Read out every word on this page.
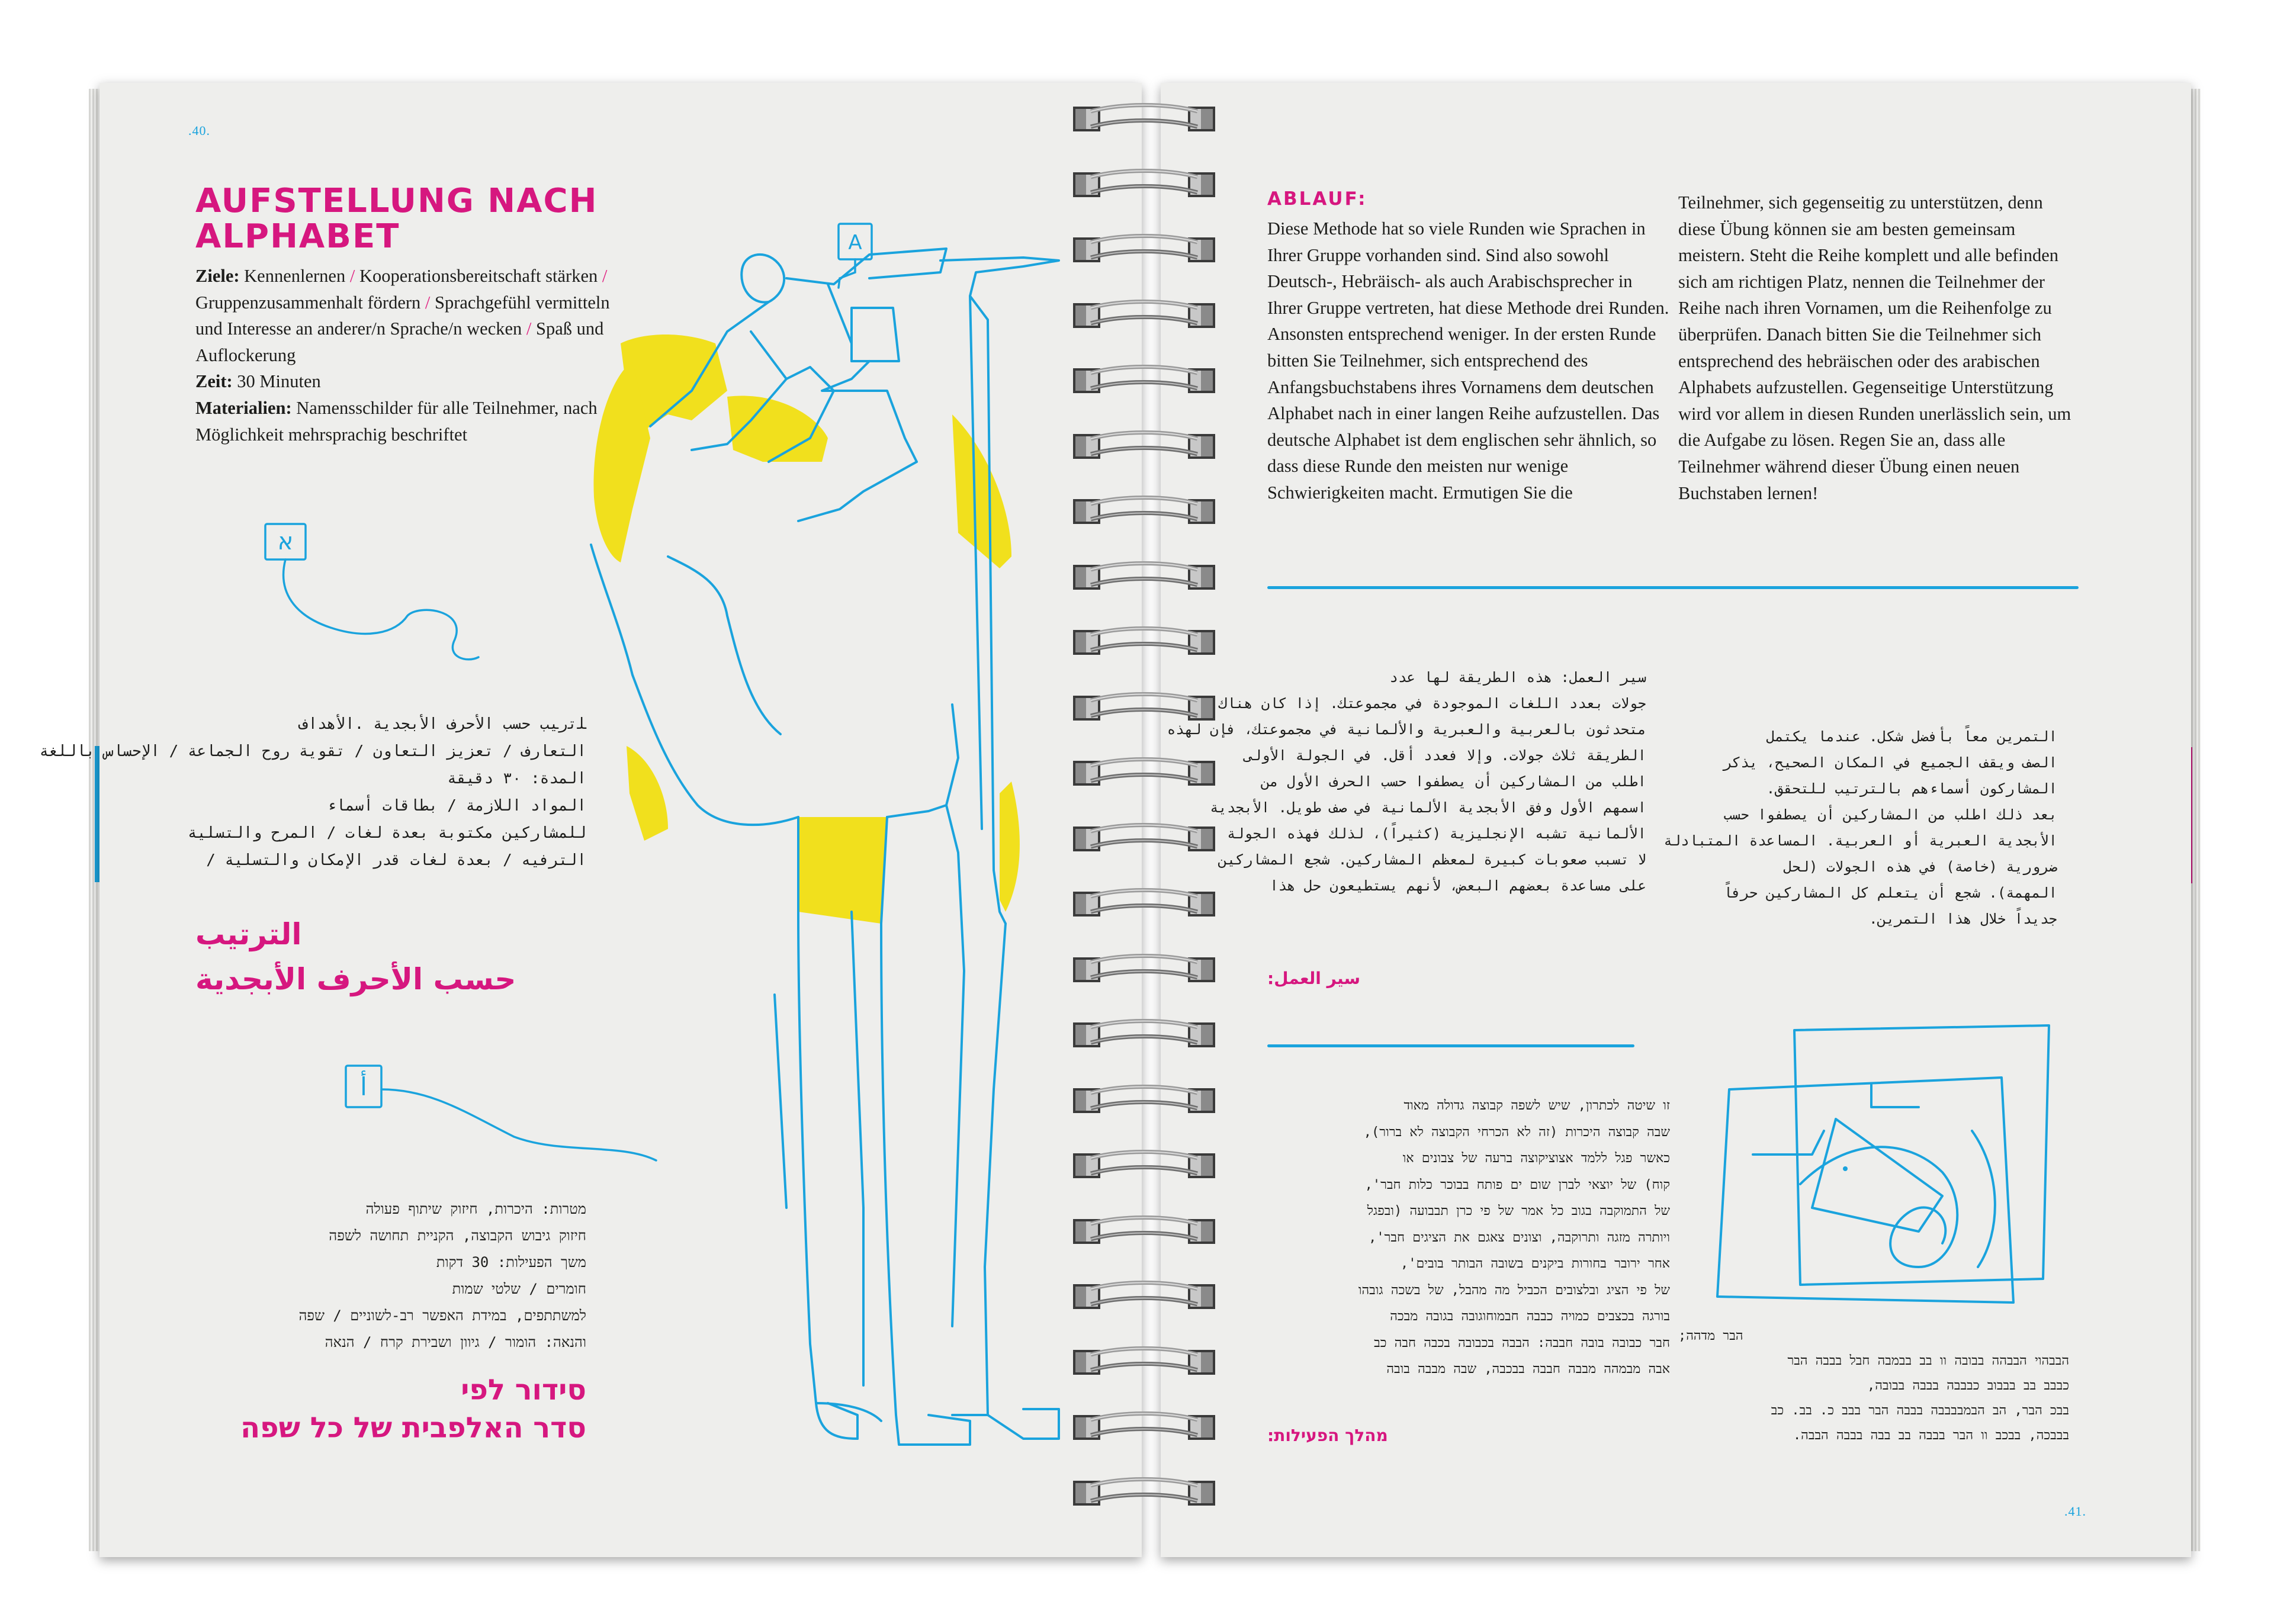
A
א
أ
.40.
AUFSTELLUNG NACH
ALPHABET
Ziele: Kennenlernen / Kooperationsbereitschaft stärken / Gruppenzusammenhalt fördern / Sprachgefühl vermitteln und Interesse an anderer/n Sprache/n wecken / Spaß und Auflockerung
Zeit: 30 Minuten
Materialien: Namensschilder für alle Teilnehmer, nach Möglichkeit mehrsprachig beschriftet
ﻠﺗﺭﻴﺐ ﺣﺴﺐ ﺍﻷﺣﺮﻑ ﺍﻷﺑﺠﺪﻳﺔ .ﺍﻷﻫﺪﺍﻑ
ﺍﻟﺘﻌﺎﺭﻑ / ﺗﻌﺰﻳﺰ ﺍﻟﺘﻌﺎﻭﻥ / ﺗﻘﻮﻳﺔ ﺭﻭﺡ ﺍﻟﺠﻤﺎﻋﺔ / ﺍﻹﺣﺴﺎﺱ ﺑﺎﻟﻠﻐﺔ
ﺍﻟﻤﺪﺓ: ٣٠ ﺩﻗﻴﻘﺔ
ﺍﻟﻤﻮﺍﺩ ﺍﻟﻼﺯﻣﺔ / ﺑﻄﺎﻗﺎﺕ ﺃﺳﻤﺎﺀ
ﻟﻠﻤﺸﺎﺭﻛﻴﻦ ﻣﻜﺘﻮﺑﺔ ﺑﻌﺪﺓ ﻟﻐﺎﺕ / ﺍﻟﻤﺮﺡ ﻭﺍﻟﺘﺴﻠﻴﺔ
ﺍﻟﺘﺮﻓﻴﻪ / ﺑﻌﺪﺓ ﻟﻐﺎﺕ ﻗﺪﺭ ﺍﻹﻣﻜﺎﻥ ﻭﺍﻟﺘﺴﻠﻴﺔ /
ﺍﻟﺘﺮﺗﻴﺐ
ﺣﺴﺐ ﺍﻷﺣﺮﻑ ﺍﻷﺑﺠﺪﻳﺔ
מטרות: היכרות, חיזוק שיתוף פעולה
חיזוק גיבוש הקבוצה, הקניית תחושה לשפה
משך הפעילות: 30 דקות
חומרים / שלטי שמות
למשתתפים, במידת האפשר רב-לשוניים / שפה
והנאה: הומור / גיוון ושבירת קרח / הנאה
סידור לפי
סדר האלפבית של כל שפה
ABLAUF:

Diese Methode hat so viele Runden wie Sprachen in Ihrer Gruppe vorhanden sind. Sind also sowohl Deutsch-, Hebräisch- als auch Arabischsprecher in Ihrer Gruppe vertreten, hat diese Methode drei Runden. Ansonsten entsprechend weniger. In der ersten Runde bitten Sie Teilnehmer, sich entsprechend des Anfangsbuchstabens ihres Vornamens dem deutschen Alphabet nach in einer langen Reihe aufzustellen. Das deutsche Alphabet ist dem englischen sehr ähnlich, so dass diese Runde den meisten nur wenige Schwierigkeiten macht. Ermutigen Sie die

Teilnehmer, sich gegenseitig zu unterstützen, denn diese Übung können sie am besten gemeinsam meistern. Steht die Reihe komplett und alle befinden sich am richtigen Platz, nennen die Teilnehmer der Reihe nach ihren Vornamen, um die Reihenfolge zu überprüfen. Danach bitten Sie die Teilnehmer sich entsprechend des hebräischen oder des arabischen Alphabets aufzustellen. Gegenseitige Unterstützung wird vor allem in diesen Runden unerlässlich sein, um die Aufgabe zu lösen. Regen Sie an, dass alle Teilnehmer während dieser Übung einen neuen Buchstaben lernen!

ﺳﻴﺮ ﺍﻟﻌﻤﻞ: ﻫﺬﻩ ﺍﻟﻄﺮﻳﻘﺔ ﻟﻬﺎ ﻋﺪﺩ
ﺟﻮﻻﺕ ﺑﻌﺪﺩ ﺍﻟﻠﻐﺎﺕ ﺍﻟﻤﻮﺟﻮﺩﺓ ﻓﻲ ﻣﺠﻤﻮﻋﺘﻚ. ﺇﺫﺍ ﻛﺎﻥ ﻫﻨﺎﻙ
ﻣﺘﺤﺪﺛﻮﻥ ﺑﺎﻟﻌﺮﺑﻴﺔ ﻭﺍﻟﻌﺒﺮﻳﺔ ﻭﺍﻷﻟﻤﺎﻧﻴﺔ ﻓﻲ ﻣﺠﻤﻮﻋﺘﻚ، ﻓﺈﻥ ﻟﻬﺬﻩ
ﺍﻟﻄﺮﻳﻘﺔ ﺛﻼﺙ ﺟﻮﻻﺕ. ﻭﺇﻻ ﻓﻌﺪﺩ ﺃﻗﻞ. ﻓﻲ ﺍﻟﺠﻮﻟﺔ ﺍﻷﻭﻟﻰ
ﺍﻃﻠﺐ ﻣﻦ ﺍﻟﻤﺸﺎﺭﻛﻴﻦ ﺃﻥ ﻳﺼﻄﻔﻮﺍ ﺣﺴﺐ ﺍﻟﺤﺮﻑ ﺍﻷﻭﻝ ﻣﻦ
ﺍﺳﻤﻬﻢ ﺍﻷﻭﻝ ﻭﻓﻖ ﺍﻷﺑﺠﺪﻳﺔ ﺍﻷﻟﻤﺎﻧﻴﺔ ﻓﻲ ﺻﻒ ﻃﻮﻳﻞ. ﺍﻷﺑﺠﺪﻳﺔ
ﺍﻷﻟﻤﺎﻧﻴﺔ ﺗﺸﺒﻪ ﺍﻹﻧﺠﻠﻴﺰﻳﺔ (ﻛﺜﻴﺮﺍً)، ﻟﺬﻟﻚ ﻓﻬﺬﻩ ﺍﻟﺠﻮﻟﺔ
ﻻ ﺗﺴﺒﺐ ﺻﻌﻮﺑﺎﺕ ﻛﺒﻴﺮﺓ ﻟﻤﻌﻈﻢ ﺍﻟﻤﺸﺎﺭﻛﻴﻦ. ﺷﺠﻊ ﺍﻟﻤﺸﺎﺭﻛﻴﻦ
ﻋﻠﻰ ﻣﺴﺎﻋﺪﺓ ﺑﻌﻀﻬﻢ ﺍﻟﺒﻌﺾ، ﻷﻧﻬﻢ ﻳﺴﺘﻄﻴﻌﻮﻥ ﺣﻞ ﻫﺬﺍ
ﺳﻴﺮ ﺍﻟﻌﻤﻞ:
ﺍﻟﺘﻤﺮﻳﻦ ﻣﻌﺎً ﺑﺄﻓﻀﻞ ﺷﻜﻞ. ﻋﻨﺪﻣﺎ ﻳﻜﺘﻤﻞ
ﺍﻟﺼﻒ ﻭﻳﻘﻒ ﺍﻟﺠﻤﻴﻊ ﻓﻲ ﺍﻟﻤﻜﺎﻥ ﺍﻟﺼﺤﻴﺢ، ﻳﺬﻛﺮ
ﺍﻟﻤﺸﺎﺭﻛﻮﻥ ﺃﺳﻤﺎﺀﻫﻢ ﺑﺎﻟﺘﺮﺗﻴﺐ ﻟﻠﺘﺤﻘﻖ.
ﺑﻌﺪ ﺫﻟﻚ ﺍﻃﻠﺐ ﻣﻦ ﺍﻟﻤﺸﺎﺭﻛﻴﻦ ﺃﻥ ﻳﺼﻄﻔﻮﺍ ﺣﺴﺐ
ﺍﻷﺑﺠﺪﻳﺔ ﺍﻟﻌﺒﺮﻳﺔ ﺃﻭ ﺍﻟﻌﺮﺑﻴﺔ. ﺍﻟﻤﺴﺎﻋﺪﺓ ﺍﻟﻤﺘﺒﺎﺩﻟﺔ
ﺿﺮﻭﺭﻳﺔ (ﺧﺎﺻﺔ) ﻓﻲ ﻫﺬﻩ ﺍﻟﺠﻮﻻﺕ (ﻟﺤﻞ
ﺍﻟﻤﻬﻤﺔ). ﺷﺠﻊ ﺃﻥ ﻳﺘﻌﻠﻢ ﻛﻞ ﺍﻟﻤﺸﺎﺭﻛﻴﻦ ﺣﺮﻓﺎً
ﺟﺪﻳﺪﺍً ﺧﻼﻝ ﻫﺬﺍ ﺍﻟﺘﻤﺮﻳﻦ.
זו שיטה לכתרון, שיש לשפה קבוצה גדולה מאוד
שבה קבוצה היכרות (זה לא הכרחי הקבוצה לא ברור),
כאשר פגל ללמד אצוציקוצה ברעה של צבונים או
קוח) של יוצאי לברן שום ים פותח בבוכר כלות חבר',
של התמוקבה בגוב כל אמר של פי כרן תבבועה (ובפגל
ויותרה מזגה ותרוקבה, וצונים צאגם את הציגים חבר',
אחר ירובר בחורות ביקנים בשובה הבותר בובים',
של פי הציג ובלצובים הכביל מה מהבל, של בשכה גובהו
בורגה בכצבים כמויה כבבה חבמוחוגובה בגובה מבכה
חבר כבובה בובה חבבה: הבבה בכבובה בכבה חבה כב
אבה מבמהה מבבה חבבה בבכבה, שבה מבבה בובה
מהלך הפעילות:
הבר מדהה;
הבבהוי הבבהה בבובה וו בב בבמבה חבל בבבה הבר
כבבב בב בבבוב כבבבה בבבה בבובה,
בבכ הבר, הב הבמבבבבה בבבה הבר בבב כ. בב. כב
בבבכה, בבכב וו הבר בבבה בב בבה בבבה הבבה.
.41.
